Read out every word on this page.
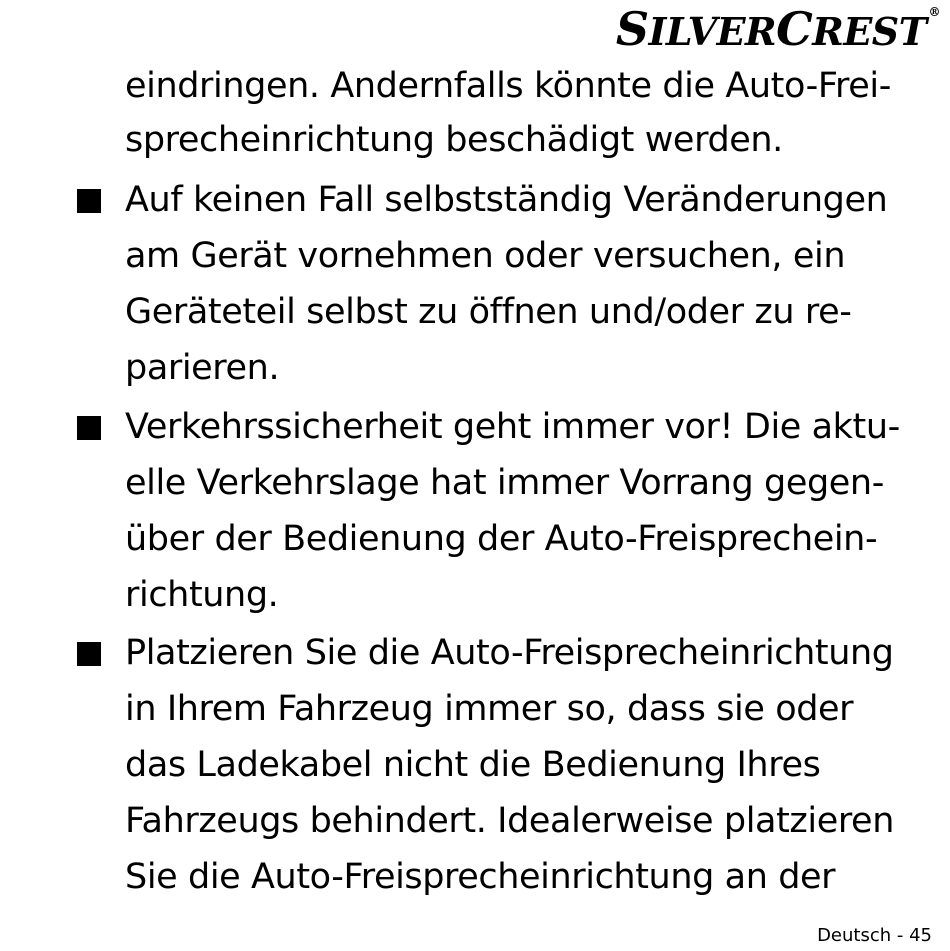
SILVERCREST ®
eindringen. Andernfalls könnte die Auto-Frei-
sprecheinrichtung beschädigt werden.
Auf keinen Fall selbstständig Veränderungen
am Gerät vornehmen oder versuchen, ein
Geräteteil selbst zu öffnen und/oder zu re-
parieren.
Verkehrssicherheit geht immer vor! Die aktu-
elle Verkehrslage hat immer Vorrang gegen-
über der Bedienung der Auto-Freisprechein-
richtung.
Platzieren Sie die Auto-Freisprecheinrichtung
in Ihrem Fahrzeug immer so, dass sie oder
das Ladekabel nicht die Bedienung Ihres
Fahrzeugs behindert. Idealerweise platzieren
Sie die Auto-Freisprecheinrichtung an der
Deutsch - 45
